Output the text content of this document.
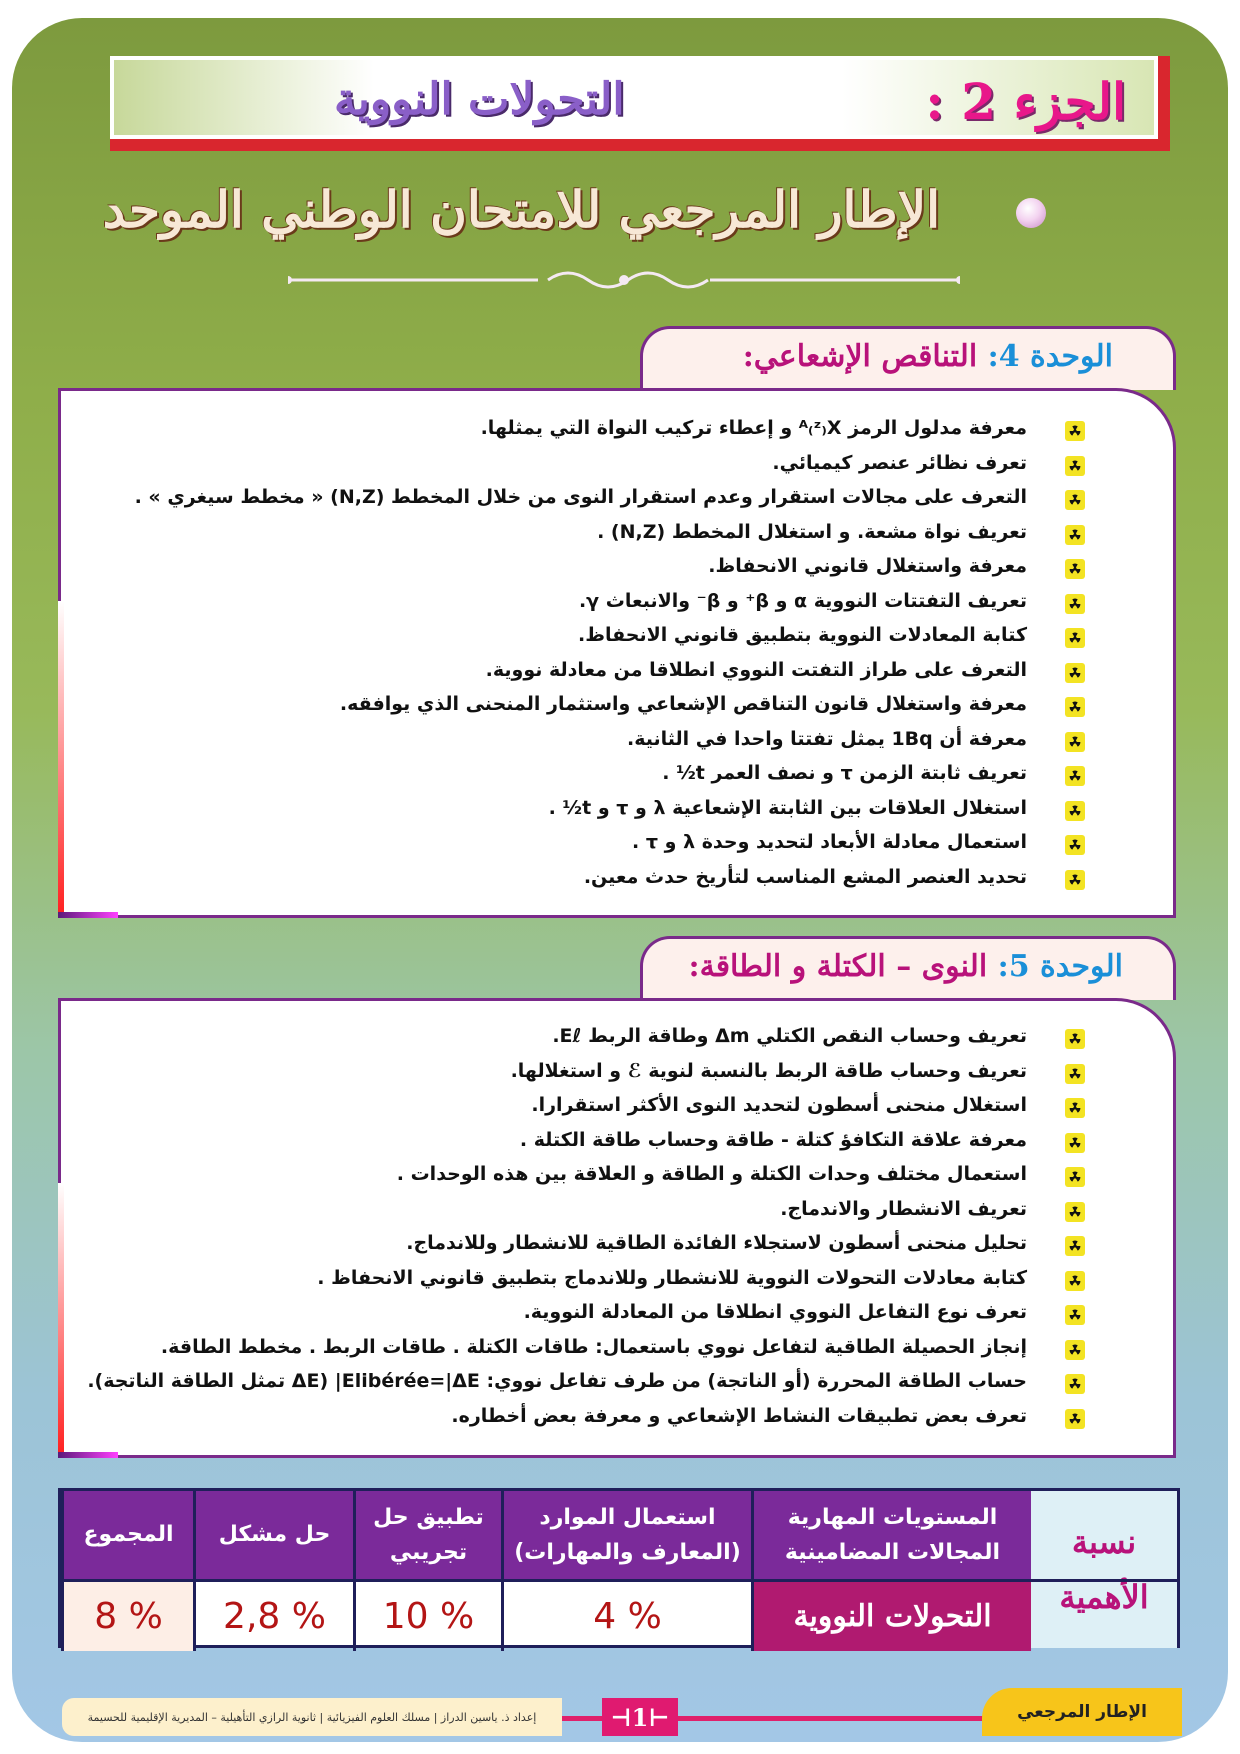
الجزء 2 :
التحولات النووية
الإطار المرجعي للامتحان الوطني الموحد
الوحدة 4: التناقص الإشعاعي:
معرفة مدلول الرمز ᴬ₍ᶻ₎X و إعطاء تركيب النواة التي يمثلها.
تعرف نظائر عنصر كيميائي.
التعرف على مجالات استقرار وعدم استقرار النوى من خلال المخطط (N,Z) « مخطط سيغري » .
تعريف نواة مشعة. و استغلال المخطط (N,Z) .
معرفة واستغلال قانوني الانحفاظ.
تعريف التفتتات النووية α و β⁺ و β⁻ والانبعاث γ.
كتابة المعادلات النووية بتطبيق قانوني الانحفاظ.
التعرف على طراز التفتت النووي انطلاقا من معادلة نووية.
معرفة واستغلال قانون التناقص الإشعاعي واستثمار المنحنى الذي يوافقه.
معرفة أن 1Bq يمثل تفتتا واحدا في الثانية.
تعريف ثابتة الزمن τ و نصف العمر t½ .
استغلال العلاقات بين الثابتة الإشعاعية λ و τ و t½ .
استعمال معادلة الأبعاد لتحديد وحدة λ و τ .
تحديد العنصر المشع المناسب لتأريخ حدث معين.
الوحدة 5: النوى – الكتلة و الطاقة:
تعريف وحساب النقص الكتلي Δm وطاقة الربط Eℓ.
تعريف وحساب طاقة الربط بالنسبة لنوية ℰ و استغلالها.
استغلال منحنى أسطون لتحديد النوى الأكثر استقرارا.
معرفة علاقة التكافؤ كتلة - طاقة وحساب طاقة الكتلة .
استعمال مختلف وحدات الكتلة و الطاقة و العلاقة بين هذه الوحدات .
تعريف الانشطار والاندماج.
تحليل منحنى أسطون لاستجلاء الفائدة الطاقية للانشطار وللاندماج.
كتابة معادلات التحولات النووية للانشطار وللاندماج بتطبيق قانوني الانحفاظ .
تعرف نوع التفاعل النووي انطلاقا من المعادلة النووية.
إنجاز الحصيلة الطاقية لتفاعل نووي باستعمال: طاقات الكتلة . طاقات الربط . مخطط الطاقة.
حساب الطاقة المحررة (أو الناتجة) من طرف تفاعل نووي: Elibérée=|ΔE| (ΔE تمثل الطاقة الناتجة).
تعرف بعض تطبيقات النشاط الإشعاعي و معرفة بعض أخطاره.
نسبة الأهمية
المستويات المهارية المجالات المضامينية
استعمال الموارد (المعارف والمهارات)
تطبيق حل تجريبي
حل مشكل
المجموع
التحولات النووية
4 %
10 %
2,8 %
8 %
إعداد ذ. ياسين الدراز | مسلك العلوم الفيزيائية | ثانوية الرازي التأهيلية – المديرية الإقليمية للحسيمة	⊣ 1 ⊢	الإطار المرجعي
